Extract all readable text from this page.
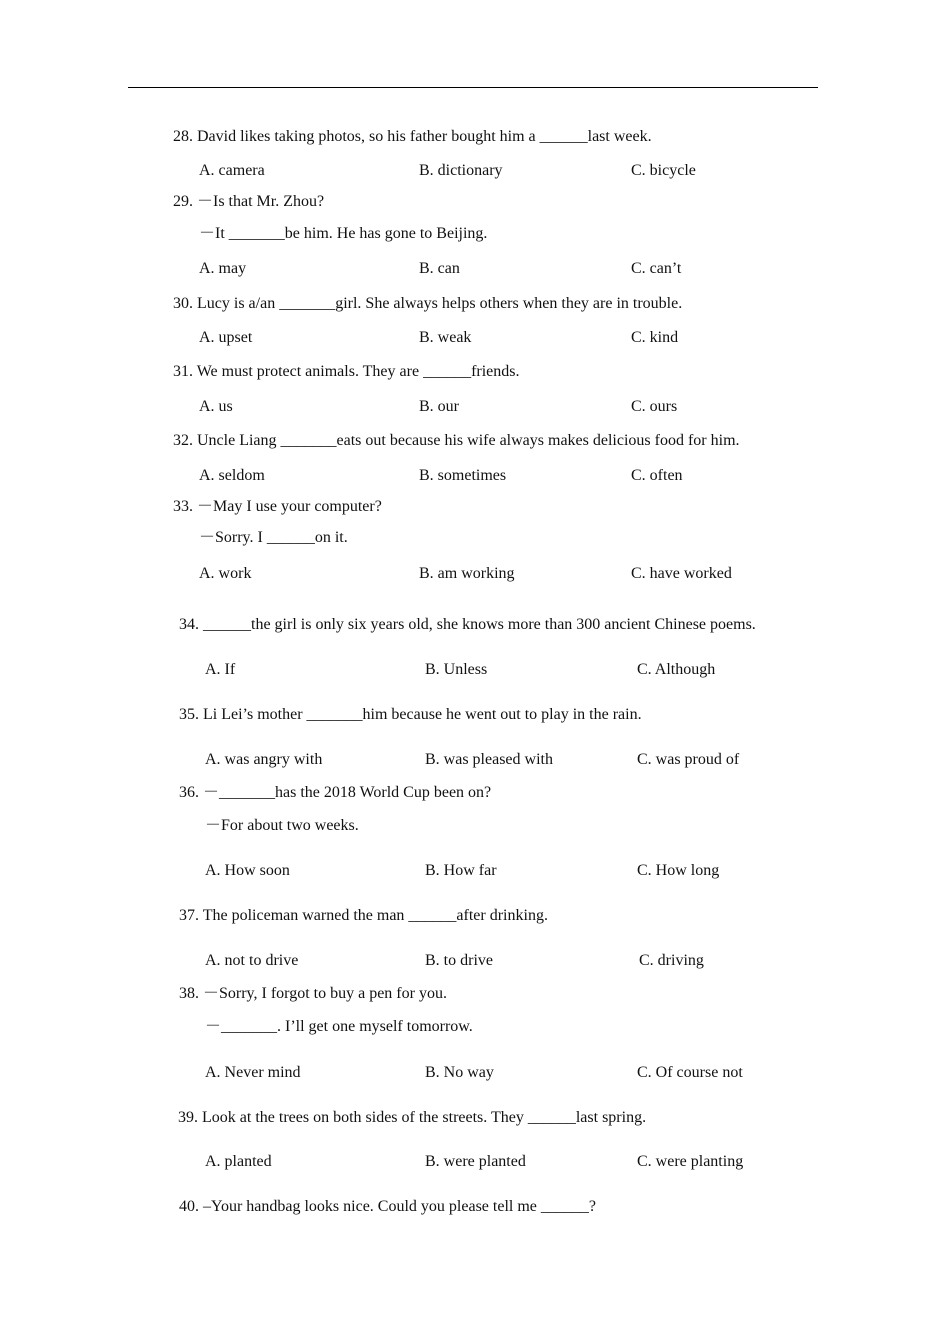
28. David likes taking photos, so his father bought him a ______last week.
A. camera	B. dictionary	C. bicycle
29. －Is that Mr. Zhou?
－It _______be him. He has gone to Beijing.
A. may	B. can	C. can’t
30. Lucy is a/an _______girl. She always helps others when they are in trouble.
A. upset	B. weak	C. kind
31. We must protect animals. They are ______friends.
A. us	B. our	C. ours
32. Uncle Liang _______eats out because his wife always makes delicious food for him.
A. seldom	B. sometimes	C. often
33. －May I use your computer?
－Sorry. I ______on it.
A. work	B. am working	C. have worked
34. ______the girl is only six years old, she knows more than 300 ancient Chinese poems.
A. If	B. Unless	C. Although
35. Li Lei’s mother _______him because he went out to play in the rain.
A. was angry with	B. was pleased with	C. was proud of
36. －_______has the 2018 World Cup been on?
－For about two weeks.
A. How soon	B. How far	C. How long
37. The policeman warned the man ______after drinking.
A. not to drive	B. to drive	C. driving
38. －Sorry, I forgot to buy a pen for you.
－_______. I’ll get one myself tomorrow.
A. Never mind	B. No way	C. Of course not
39. Look at the trees on both sides of the streets. They ______last spring.
A. planted	B. were planted	C. were planting
40. –Your handbag looks nice. Could you please tell me ______?
